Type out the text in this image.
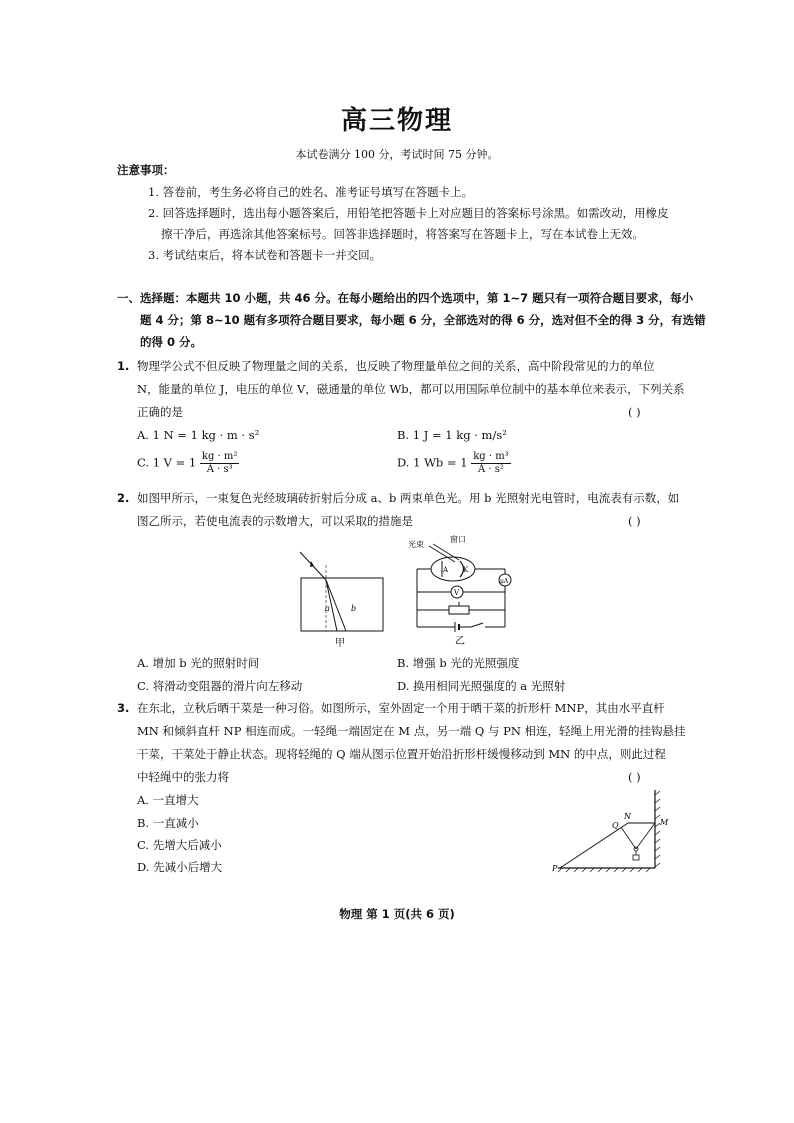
高三物理
本试卷满分 100 分，考试时间 75 分钟。
注意事项：
1. 答卷前，考生务必将自己的姓名、准考证号填写在答题卡上。
2. 回答选择题时，选出每小题答案后，用铅笔把答题卡上对应题目的答案标号涂黑。如需改动，用橡皮
擦干净后，再选涂其他答案标号。回答非选择题时，将答案写在答题卡上，写在本试卷上无效。
3. 考试结束后，将本试卷和答题卡一并交回。
一、选择题：本题共 10 小题，共 46 分。在每小题给出的四个选项中，第 1~7 题只有一项符合题目要求，每小
题 4 分；第 8~10 题有多项符合题目要求，每小题 6 分，全部选对的得 6 分，选对但不全的得 3 分，有选错
的得 0 分。
1. 物理学公式不但反映了物理量之间的关系，也反映了物理量单位之间的关系，高中阶段常见的力的单位
N，能量的单位 J，电压的单位 V，磁通量的单位 Wb，都可以用国际单位制中的基本单位来表示，下列关系
正确的是	( )
A. 1 N = 1 kg · m · s²	B. 1 J = 1 kg · m/s²
C. 1 $V = 1 \frac{\text{kg · m²}}{\text{A · s³}}$	D. 1 $Wb = 1 \frac{\text{kg · m³}}{\text{A · s²}}$
2. 如图甲所示，一束复色光经玻璃砖折射后分成 a、b 两束单色光。用 b 光照射光电管时，电流表有示数，如
图乙所示，若使电流表的示数增大，可以采取的措施是	( )
a	b
甲
光束
窗口
A K
μA
V
乙
A. 增加 b 光的照射时间	B. 增强 b 光的光照强度
C. 将滑动变阻器的滑片向左移动	D. 换用相同光照强度的 a 光照射
3. 在东北，立秋后晒干菜是一种习俗。如图所示，室外固定一个用于晒干菜的折形杆 MNP，其由水平直杆
MN 和倾斜直杆 NP 相连而成。一轻绳一端固定在 M 点，另一端 Q 与 PN 相连，轻绳上用光滑的挂钩悬挂
干菜，干菜处于静止状态。现将轻绳的 Q 端从图示位置开始沿折形杆缓慢移动到 MN 的中点，则此过程
中轻绳中的张力将	( )
A. 一直增大
B. 一直减小
C. 先增大后减小
D. 先减小后增大
Q
N
M
P
物理 第 1 页(共 6 页)
